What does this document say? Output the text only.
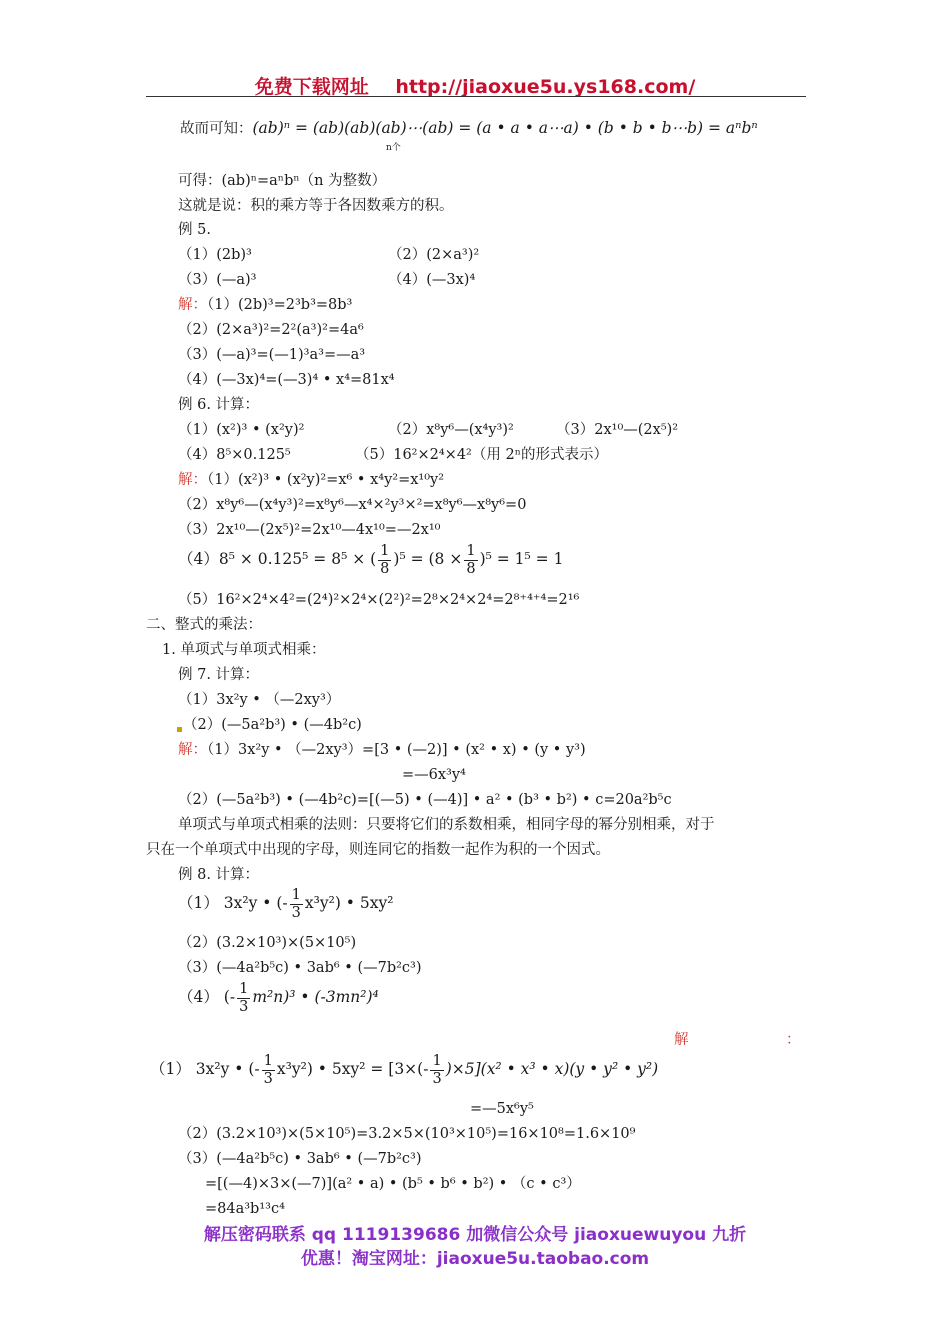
免费下载网址 http://jiaoxue5u.ys168.com/
故而可知：(ab)ⁿ = (ab)(ab)(ab)⋯(ab) = (a • a • a⋯a) • (b • b • b⋯b) = aⁿbⁿ
n个
可得：(ab)ⁿ=aⁿbⁿ（n 为整数）
这就是说：积的乘方等于各因数乘方的积。
例 5.
（1）(2b)³	（2）(2×a³)²
（3）(—a)³	（4）(—3x)⁴
解：（1）(2b)³=2³b³=8b³
（2）(2×a³)²=2²(a³)²=4a⁶
（3）(—a)³=(—1)³a³=—a³
（4）(—3x)⁴=(—3)⁴ • x⁴=81x⁴
例 6. 计算：
（1）(x²)³ • (x²y)²	（2）x⁸y⁶—(x⁴y³)²	（3）2x¹⁰—(2x⁵)²
（4）8⁵×0.125⁵	（5）16²×2⁴×4²（用 2ⁿ的形式表示）
解：（1）(x²)³ • (x²y)²=x⁶ • x⁴y²=x¹⁰y²
（2）x⁸y⁶—(x⁴y³)²=x⁸y⁶—x⁴×²y³×²=x⁸y⁶—x⁸y⁶=0
（3）2x¹⁰—(2x⁵)²=2x¹⁰—4x¹⁰=—2x¹⁰
（4）8⁵ × 0.125⁵ = 8⁵ × ( $\frac{1}{8} )^5 = (8 \times \frac{1}{8} )^5 = 1^5 = 1$
（5）16²×2⁴×4²=(2⁴)²×2⁴×(2²)²=2⁸×2⁴×2⁴=2⁸⁺⁴⁺⁴=2¹⁶
二、整式的乘法：
1. 单项式与单项式相乘：
例 7. 计算：
（1）3x²y • （—2xy³）
（2）(—5a²b³) • (—4b²c)
解：（1）3x²y • （—2xy³）=[3 • (—2)] • (x² • x) • (y • y³)
=—6x³y⁴
（2）(—5a²b³) • (—4b²c)=[(—5) • (—4)] • a² • (b³ • b²) • c=20a²b⁵c
单项式与单项式相乘的法则：只要将它们的系数相乘，相同字母的幂分别相乘，对于
只在一个单项式中出现的字母，则连同它的指数一起作为积的一个因式。
例 8. 计算：
（1） 3x²y • (- $\frac{1}{3} x^3y^2$) • 5xy²
（2）(3.2×10³)×(5×10⁵)
（3）(—4a²b⁵c) • 3ab⁶ • (—7b²c³)
（4） (- $\frac{1}{3} m^2n)^3$ • (-3mn²)⁴
解	：
（1） 3x²y • (- $\frac{1}{3} x^3y^2$) • $5xy^2 = [3\times(- \frac{1}{3} )\times 5](x^2$ • x³ • x)(y • y² • y²)
=—5x⁶y⁵
（2）(3.2×10³)×(5×10⁵)=3.2×5×(10³×10⁵)=16×10⁸=1.6×10⁹
（3）(—4a²b⁵c) • 3ab⁶ • (—7b²c³)
=[(—4)×3×(—7)](a² • a) • (b⁵ • b⁶ • b²) • （c • c³）
=84a³b¹³c⁴
解压密码联系 qq 1119139686 加微信公众号 jiaoxuewuyou 九折
优惠！淘宝网址：jiaoxue5u.taobao.com
